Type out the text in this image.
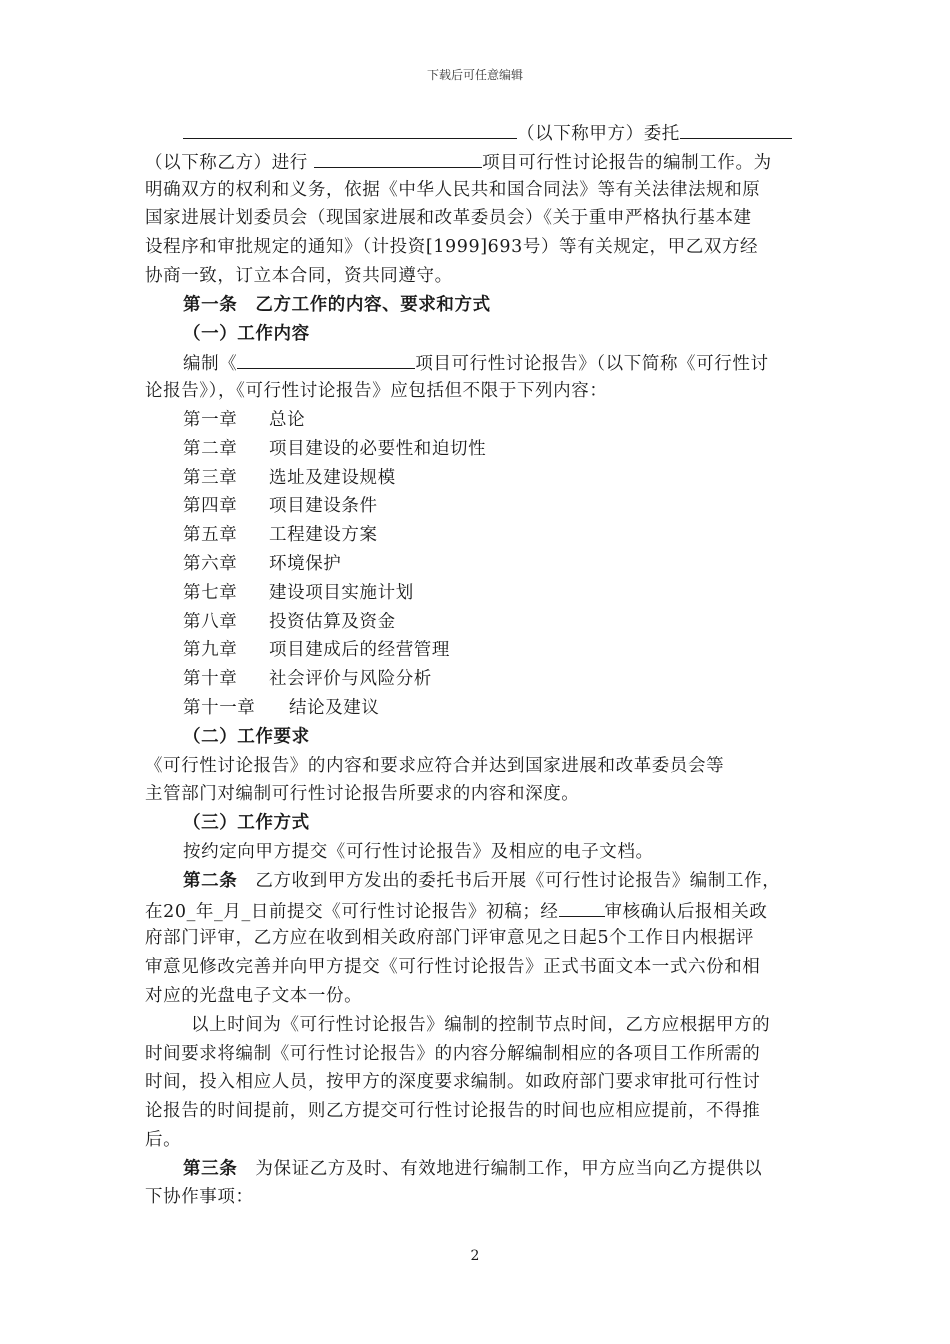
下载后可任意编辑
（以下称甲方）委托
（以下称乙方）进行	项目可行性讨论报告的编制工作。为
明确双方的权利和义务，依据《中华人民共和国合同法》等有关法律法规和原
国家进展计划委员会（现国家进展和改革委员会）《关于重申严格执行基本建
设程序和审批规定的通知》（计投资[1999]693号）等有关规定，甲乙双方经
协商一致，订立本合同，资共同遵守。
第一条　乙方工作的内容、要求和方式
（一）工作内容
编制《	项目可行性讨论报告》（以下简称《可行性讨
论报告》），《可行性讨论报告》应包括但不限于下列内容：
第一章 总论
第二章 项目建设的必要性和迫切性
第三章 选址及建设规模
第四章 项目建设条件
第五章 工程建设方案
第六章 环境保护
第七章 建设项目实施计划
第八章 投资估算及资金
第九章 项目建成后的经营管理
第十章 社会评价与风险分析
第十一章 结论及建议
（二）工作要求
《可行性讨论报告》的内容和要求应符合并达到国家进展和改革委员会等
主管部门对编制可行性讨论报告所要求的内容和深度。
（三）工作方式
按约定向甲方提交《可行性讨论报告》及相应的电子文档。
第二条　乙方收到甲方发出的委托书后开展《可行性讨论报告》编制工作，
在20_年_月_日前提交《可行性讨论报告》初稿；经	审核确认后报相关政
府部门评审，乙方应在收到相关政府部门评审意见之日起5个工作日内根据评
审意见修改完善并向甲方提交《可行性讨论报告》正式书面文本一式六份和相
对应的光盘电子文本一份。
以上时间为《可行性讨论报告》编制的控制节点时间，乙方应根据甲方的
时间要求将编制《可行性讨论报告》的内容分解编制相应的各项目工作所需的
时间，投入相应人员，按甲方的深度要求编制。如政府部门要求审批可行性讨
论报告的时间提前，则乙方提交可行性讨论报告的时间也应相应提前，不得推
后。
第三条　为保证乙方及时、有效地进行编制工作，甲方应当向乙方提供以
下协作事项：
2
